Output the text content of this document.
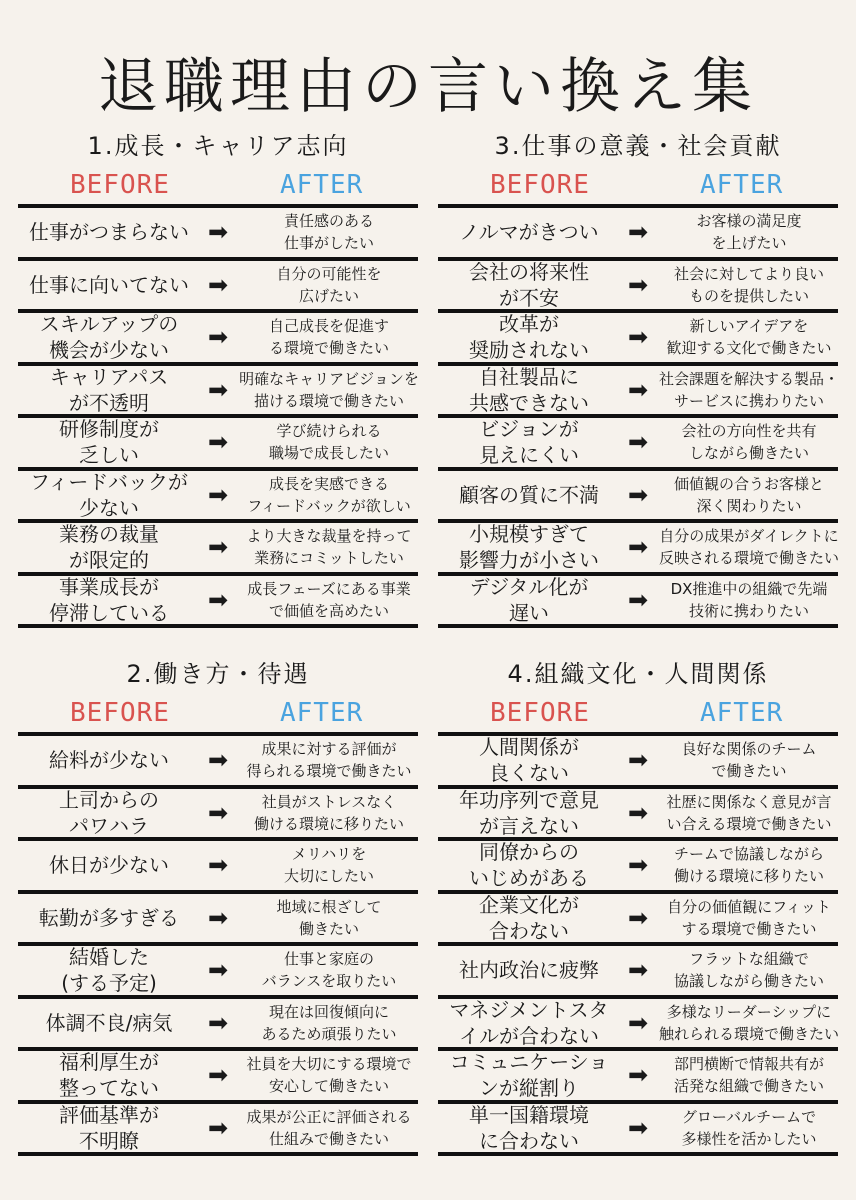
退職理由の言い換え集
1.成長・キャリア志向
BEFORE	AFTER
仕事がつまらない ➡	責任感のある
仕事がしたい
仕事に向いてない ➡	自分の可能性を
広げたい
スキルアップの
機会が少ない	➡	自己成長を促進す
る環境で働きたい
キャリアパス
が不透明	➡ 明確なキャリアビジョンを
描ける環境で働きたい
研修制度が
乏しい	➡	学び続けられる
職場で成長したい
フィードバックが
少ない	➡	成長を実感できる
フィードバックが欲しい
業務の裁量
が限定的	➡	より大きな裁量を持って
業務にコミットしたい
事業成長が
停滞している	➡	成長フェーズにある事業
で価値を高めたい
3.仕事の意義・社会貢献
BEFORE	AFTER
ノルマがきつい	➡	お客様の満足度
を上げたい
会社の将来性
が不安	➡	社会に対してより良い
ものを提供したい
改革が
奨励されない	➡	新しいアイデアを
歓迎する文化で働きたい
自社製品に
共感できない	➡ 社会課題を解決する製品・
サービスに携わりたい
ビジョンが
見えにくい	➡	会社の方向性を共有
しながら働きたい
顧客の質に不満	➡	価値観の合うお客様と
深く関わりたい
小規模すぎて
影響力が小さい	➡ 自分の成果がダイレクトに
反映される環境で働きたい
デジタル化が
遅い	➡	DX推進中の組織で先端
技術に携わりたい
2.働き方・待遇
BEFORE	AFTER
給料が少ない	➡	成果に対する評価が
得られる環境で働きたい
上司からの
パワハラ	➡	社員がストレスなく
働ける環境に移りたい
休日が少ない	➡	メリハリを
大切にしたい
転勤が多すぎる	➡	地域に根ざして
働きたい
結婚した
(する予定)	➡	仕事と家庭の
バランスを取りたい
体調不良/病気	➡	現在は回復傾向に
あるため頑張りたい
福利厚生が
整ってない	➡	社員を大切にする環境で
安心して働きたい
評価基準が
不明瞭	➡	成果が公正に評価される
仕組みで働きたい
4.組織文化・人間関係
BEFORE	AFTER
人間関係が
良くない	➡	良好な関係のチーム
で働きたい
年功序列で意見
が言えない	➡	社歴に関係なく意見が言
い合える環境で働きたい
同僚からの
いじめがある	➡	チームで協議しながら
働ける環境に移りたい
企業文化が
合わない	➡	自分の価値観にフィット
する環境で働きたい
社内政治に疲弊	➡	フラットな組織で
協議しながら働きたい
マネジメントスタ
イルが合わない	➡	多様なリーダーシップに
触れられる環境で働きたい
コミュニケーショ
ンが縦割り	➡	部門横断で情報共有が
活発な組織で働きたい
単一国籍環境
に合わない	➡	グローバルチームで
多様性を活かしたい
